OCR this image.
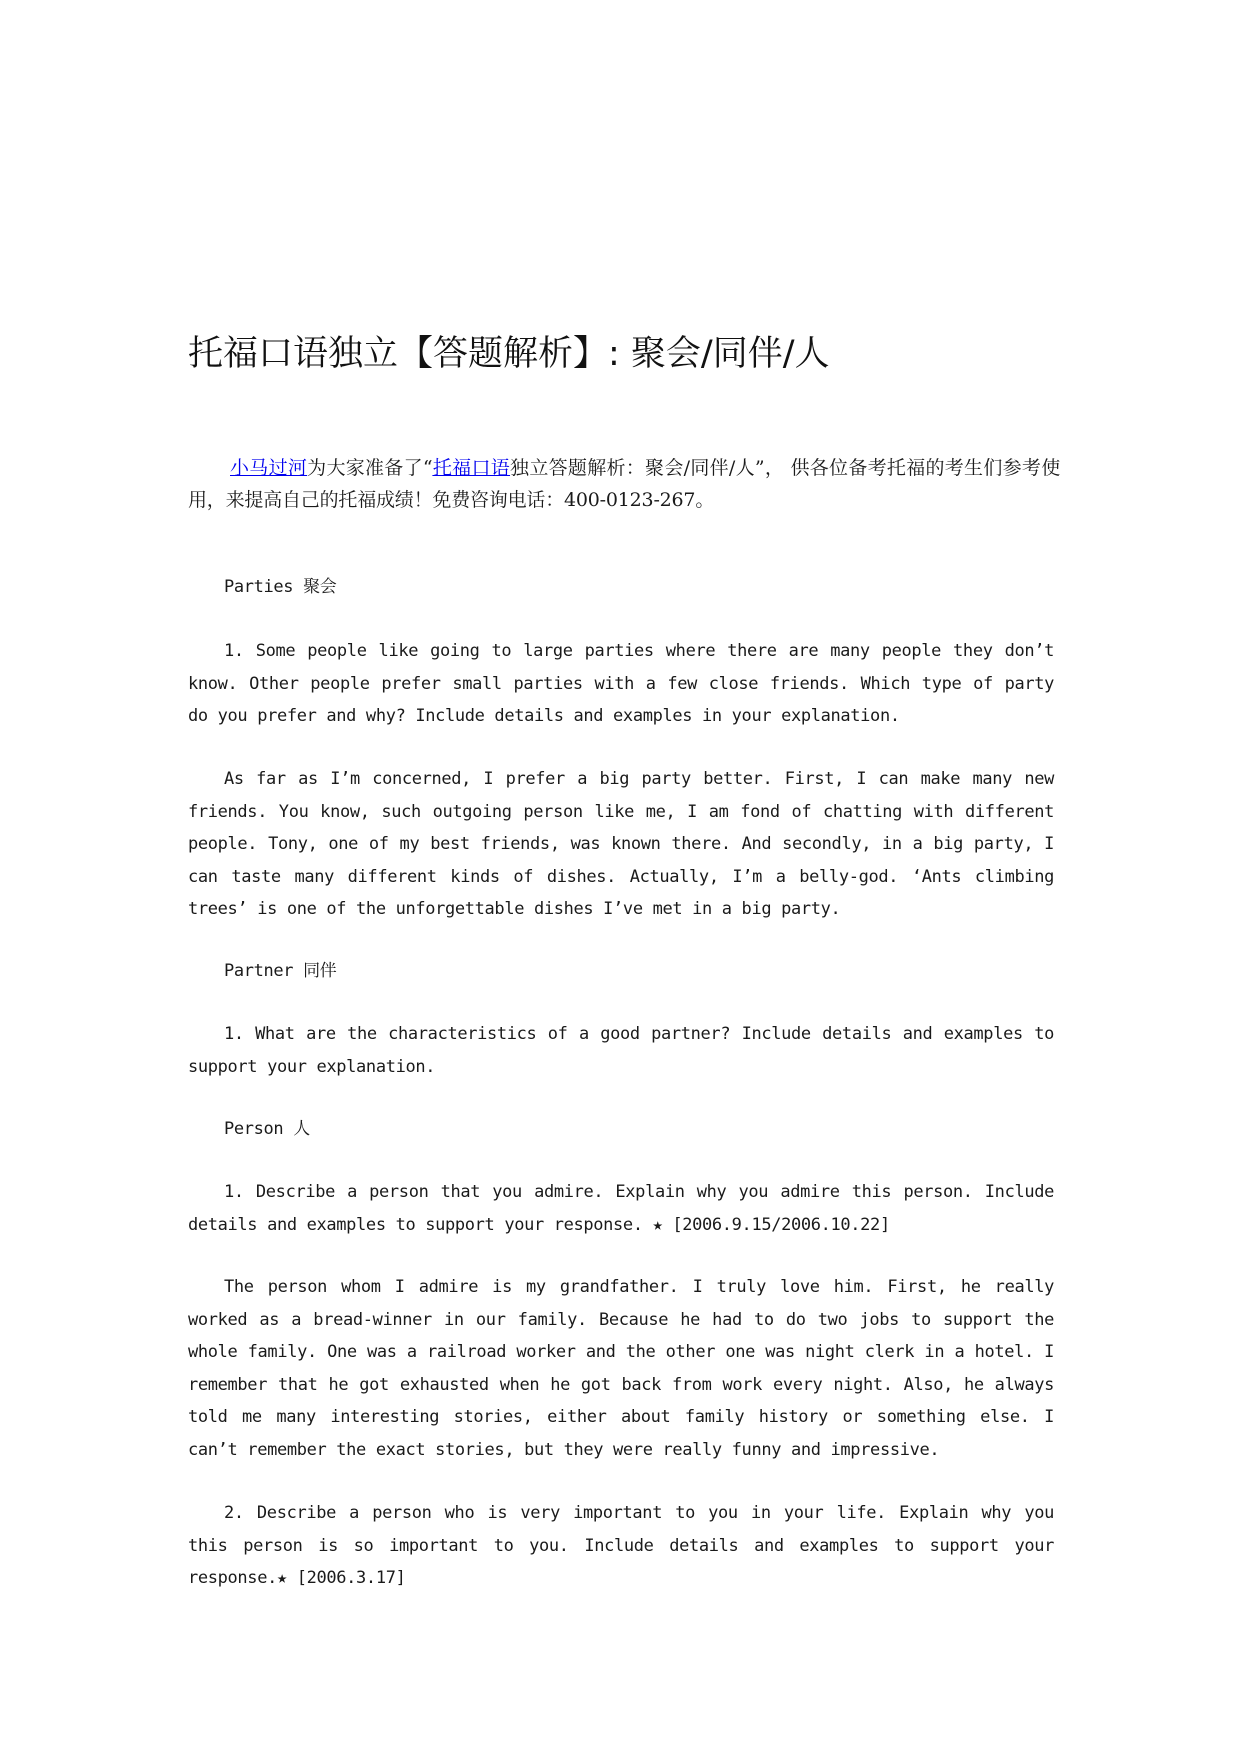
托福口语独立【答题解析】: 聚会/同伴/人
小马过河为大家准备了“托福口语独立答题解析：聚会/同伴/人”， 供各位备考托福的考生们参考使用，来提高自己的托福成绩！免费咨询电话：400-0123-267。
Parties 聚会
1. Some people like going to large parties where there are many people they don’t know. Other people prefer small parties with a few close friends. Which type of party do you prefer and why? Include details and examples in your explanation.
As far as I’m concerned, I prefer a big party better. First, I can make many new friends. You know, such outgoing person like me, I am fond of chatting with different people. Tony, one of my best friends, was known there. And secondly, in a big party, I can taste many different kinds of dishes. Actually, I’m a belly-god. ‘Ants climbing trees’ is one of the unforgettable dishes I’ve met in a big party.
Partner 同伴
1. What are the characteristics of a good partner? Include details and examples to support your explanation.
Person 人
1. Describe a person that you admire. Explain why you admire this person. Include details and examples to support your response. ★ [2006.9.15/2006.10.22]
The person whom I admire is my grandfather. I truly love him. First, he really worked as a bread-winner in our family. Because he had to do two jobs to support the whole family. One was a railroad worker and the other one was night clerk in a hotel. I remember that he got exhausted when he got back from work every night. Also, he always told me many interesting stories, either about family history or something else. I can’t remember the exact stories, but they were really funny and impressive.
2. Describe a person who is very important to you in your life. Explain why you this person is so important to you. Include details and examples to support your response.★ [2006.3.17]
